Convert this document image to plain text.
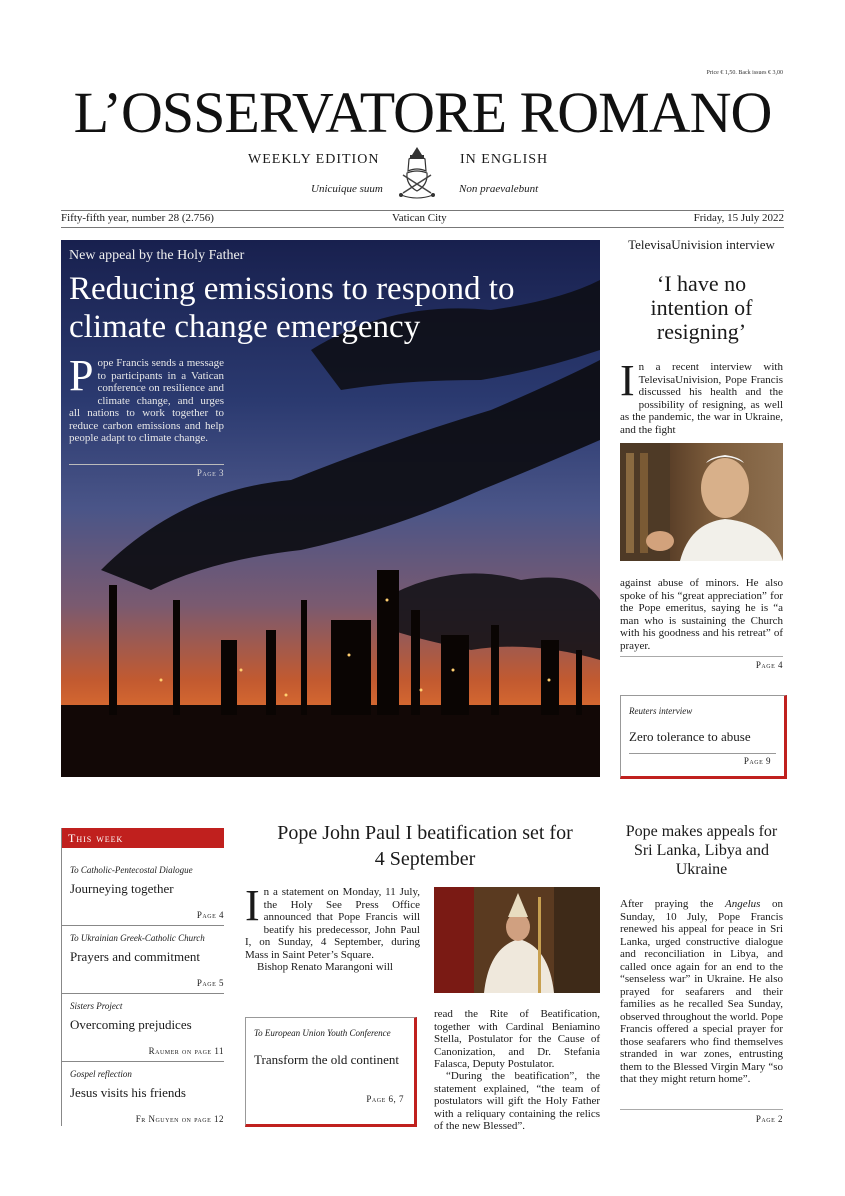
Price € 1,50. Back issues € 3,00
L’OSSERVATORE ROMANO
WEEKLY EDITION	IN ENGLISH
Unicuique suum	Non praevalebunt
Fifty-fifth year, number 28 (2.756)	Vatican City	Friday, 15 July 2022
New appeal by the Holy Father
Reducing emissions to respond to climate change emergency
Pope Francis sends a message to participants in a Vatican conference on resilience and climate change, and urges all nations to work together to reduce carbon emissions and help people adapt to climate change.
Page 3
TelevisaUnivision interview
‘I have no intention of resigning’
In a recent interview with TelevisaUnivision, Pope Francis discussed his health and the possibility of resigning, as well as the pandemic, the war in Ukraine, and the fight
against abuse of minors. He also spoke of his “great appreciation” for the Pope emeritus, saying he is “a man who is sustaining the Church with his goodness and his retreat” of prayer.
Page 4
Reuters interview
Zero tolerance to abuse
Page 9
This week
To Catholic-Pentecostal Dialogue
Journeying together
Page 4
To Ukrainian Greek-Catholic Church
Prayers and commitment
Page 5
Sisters Project
Overcoming prejudices
Raumer on page 11
Gospel reflection
Jesus visits his friends
Fr Nguyen on page 12
Pope John Paul I beatification set for 4 September
In a statement on Monday, 11 July, the Holy See Press Office announced that Pope Francis will beatify his predecessor, John Paul I, on Sunday, 4 September, during Mass in Saint Peter’s Square.
Bishop Renato Marangoni will
read the Rite of Beatification, together with Cardinal Beniamino Stella, Postulator for the Cause of Canonization, and Dr. Stefania Falasca, Deputy Postulator.
“During the beatification”, the statement explained, “the team of postulators will gift the Holy Father with a reliquary containing the relics of the new Blessed”.
To European Union Youth Conference
Transform the old continent
Page 6, 7
Pope makes appeals for Sri Lanka, Libya and Ukraine
After praying the Angelus on Sunday, 10 July, Pope Francis renewed his appeal for peace in Sri Lanka, urged constructive dialogue and reconciliation in Libya, and called once again for an end to the “senseless war” in Ukraine. He also prayed for seafarers and their families as he recalled Sea Sunday, observed throughout the world. Pope Francis offered a special prayer for those seafarers who find themselves stranded in war zones, entrusting them to the Blessed Virgin Mary “so that they might return home”.
Page 2
